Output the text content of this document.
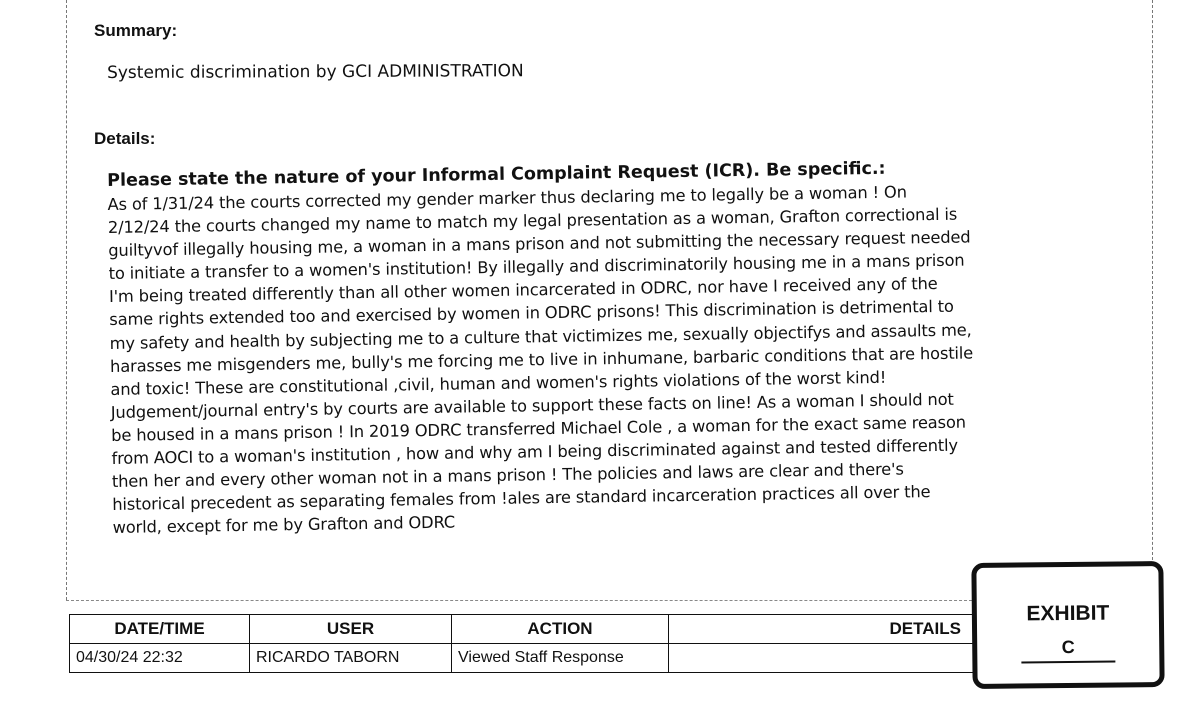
Summary:
Systemic discrimination by GCI ADMINISTRATION
Details:
Please state the nature of your Informal Complaint Request (ICR). Be specific.:
As of 1/31/24 the courts corrected my gender marker thus declaring me to legally be a woman ! On
2/12/24 the courts changed my name to match my legal presentation as a woman, Grafton correctional is
guiltyvof illegally housing me, a woman in a mans prison and not submitting the necessary request needed
to initiate a transfer to a women's institution! By illegally and discriminatorily housing me in a mans prison
I'm being treated differently than all other women incarcerated in ODRC, nor have I received any of the
same rights extended too and exercised by women in ODRC prisons! This discrimination is detrimental to
my safety and health by subjecting me to a culture that victimizes me, sexually objectifys and assaults me,
harasses me misgenders me, bully's me forcing me to live in inhumane, barbaric conditions that are hostile
and toxic! These are constitutional ,civil, human and women's rights violations of the worst kind!
Judgement/journal entry's by courts are available to support these facts on line! As a woman I should not
be housed in a mans prison ! In 2019 ODRC transferred Michael Cole , a woman for the exact same reason
from AOCI to a woman's institution , how and why am I being discriminated against and tested differently
then her and every other woman not in a mans prison ! The policies and laws are clear and there's
historical precedent as separating females from !ales are standard incarceration practices all over the
world, except for me by Grafton and ODRC
DATE/TIME	USER	ACTION	DETAILS
04/30/24 22:32	RICARDO TABORN	Viewed Staff Response	
EXHIBIT
C
